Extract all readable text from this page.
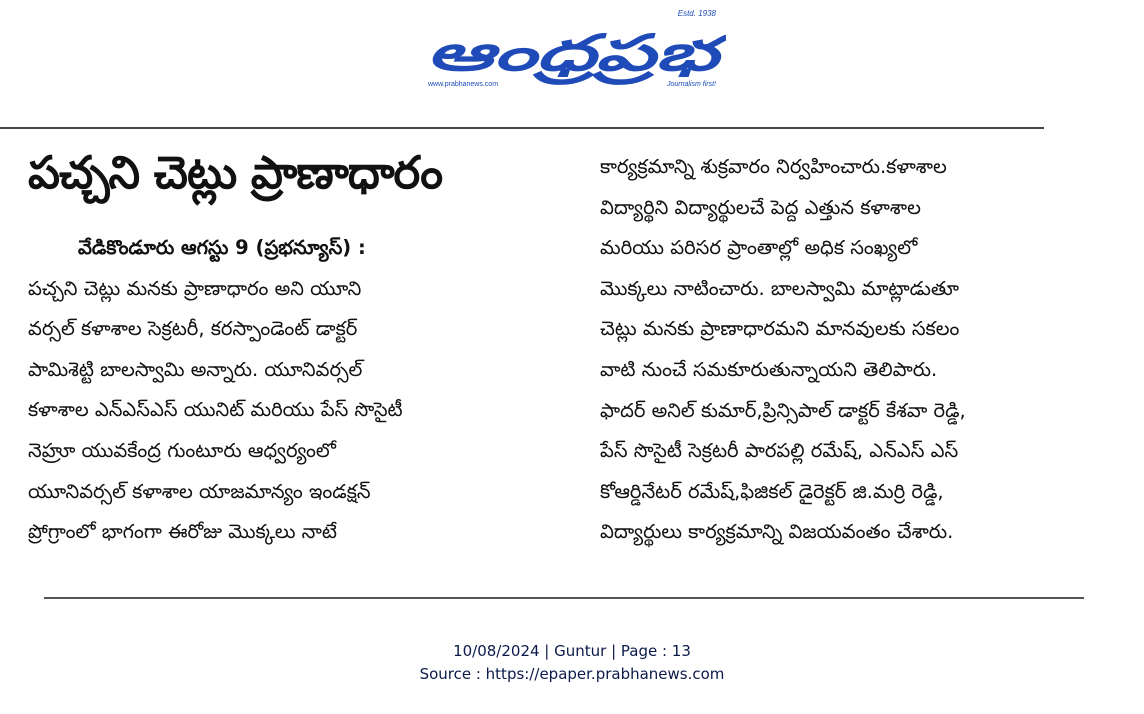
Estd. 1938
ఆంధ్రప్రభ
www.prabhanews.com	Journalism first!
పచ్చని చెట్లు ప్రాణాధారం
వేడికొండూరు ఆగస్టు 9 (ప్రభన్యూస్) :
పచ్చని చెట్లు మనకు ప్రాణాధారం అని యూని
వర్సల్ కళాశాల సెక్రటరీ, కరస్పాండెంట్ డాక్టర్
పామిశెట్టి బాలస్వామి అన్నారు. యూనివర్సల్
కళాశాల ఎన్ఎస్ఎస్ యునిట్ మరియు పేస్ సొసైటీ
నెహ్రూ యువకేంద్ర గుంటూరు ఆధ్వర్యంలో
యూనివర్సల్ కళాశాల యాజమాన్యం ఇండక్షన్
ప్రోగ్రాంలో భాగంగా ఈరోజు మొక్కలు నాటే
కార్యక్రమాన్ని శుక్రవారం నిర్వహించారు.కళాశాల
విద్యార్థిని విద్యార్థులచే పెద్ద ఎత్తున కళాశాల
మరియు పరిసర ప్రాంతాల్లో అధిక సంఖ్యలో
మొక్కలు నాటించారు. బాలస్వామి మాట్లాడుతూ
చెట్లు మనకు ప్రాణాధారమని మానవులకు సకలం
వాటి నుంచే సమకూరుతున్నాయని తెలిపారు.
ఫాదర్ అనిల్ కుమార్,ప్రిన్సిపాల్ డాక్టర్ కేశవా రెడ్డి,
పేస్ సొసైటీ సెక్రటరీ పారపల్లి రమేష్, ఎన్ఎస్ ఎస్
కోఆర్డినేటర్ రమేష్,ఫిజికల్ డైరెక్టర్ జి.మర్రి రెడ్డి,
విద్యార్థులు కార్యక్రమాన్ని విజయవంతం చేశారు.
10/08/2024 | Guntur | Page : 13
Source : https://epaper.prabhanews.com
